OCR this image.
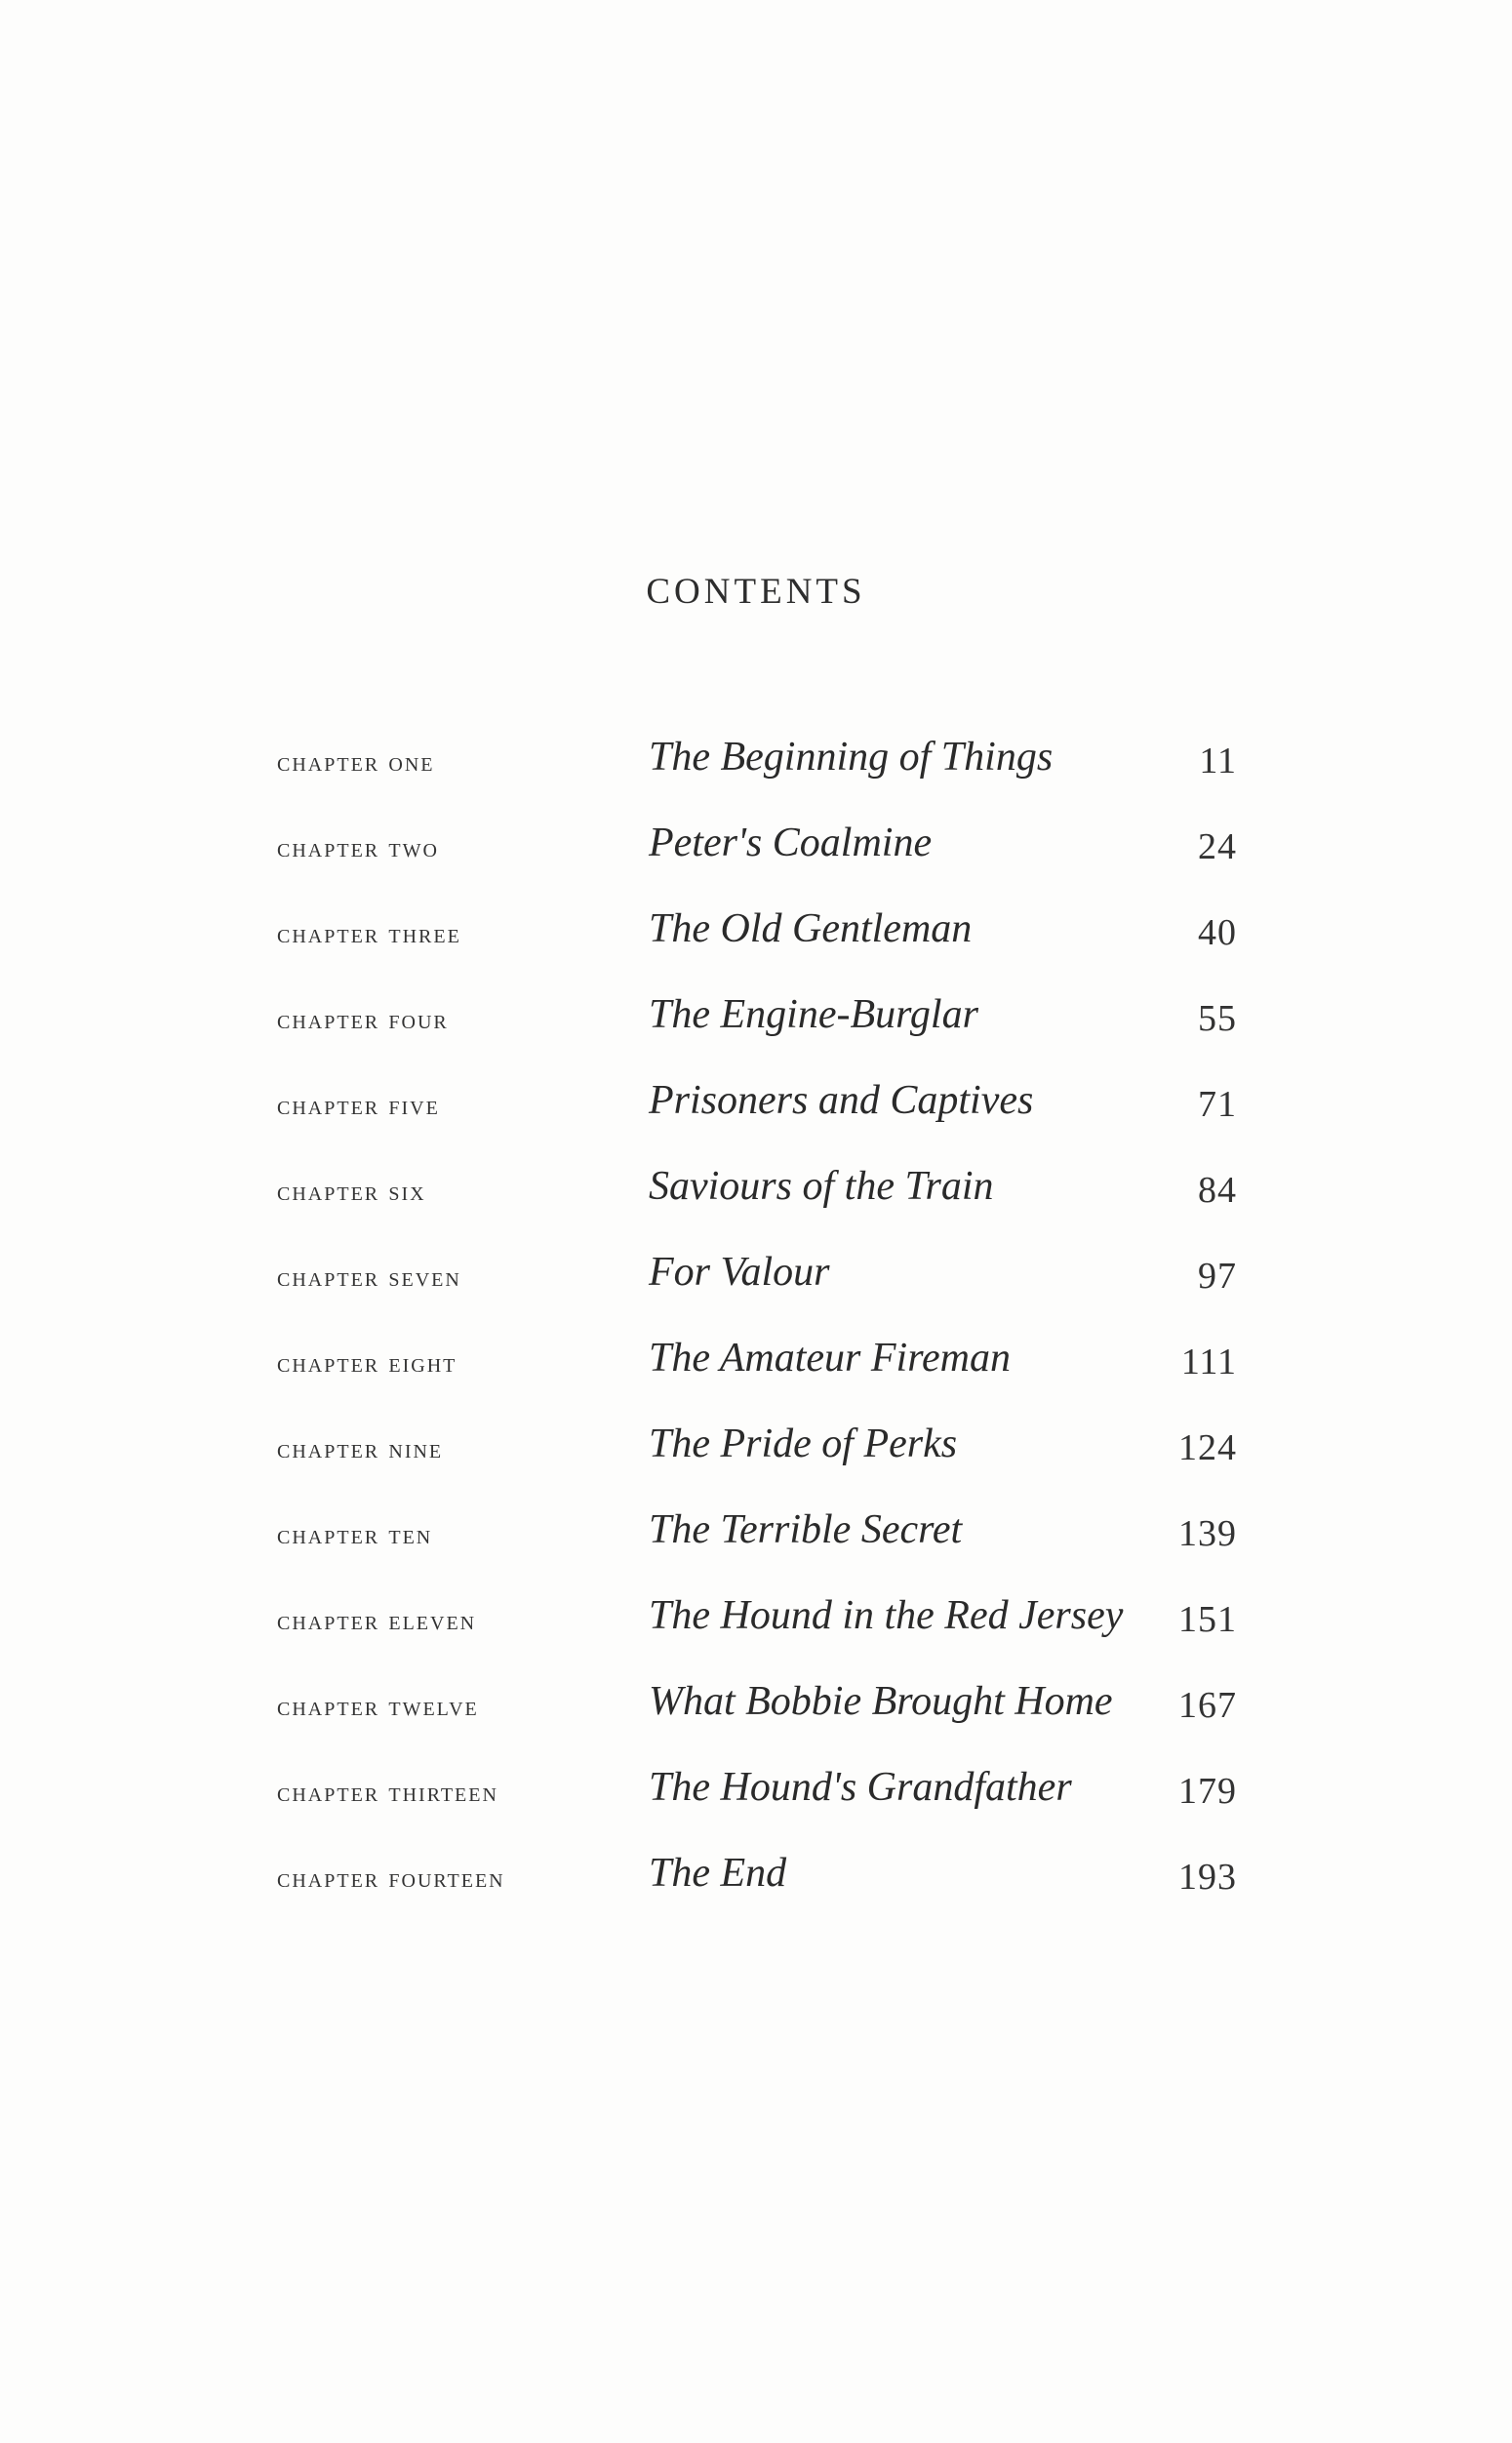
CONTENTS
chapter one	The Beginning of Things	11
chapter two	Peter's Coalmine	24
chapter three	The Old Gentleman	40
chapter four	The Engine-Burglar	55
chapter five	Prisoners and Captives	71
chapter six	Saviours of the Train	84
chapter seven	For Valour	97
chapter eight	The Amateur Fireman	111
chapter nine	The Pride of Perks	124
chapter ten	The Terrible Secret	139
chapter eleven	The Hound in the Red Jersey 151
chapter twelve	What Bobbie Brought Home 167
chapter thirteen	The Hound's Grandfather	179
chapter fourteen	The End	193
